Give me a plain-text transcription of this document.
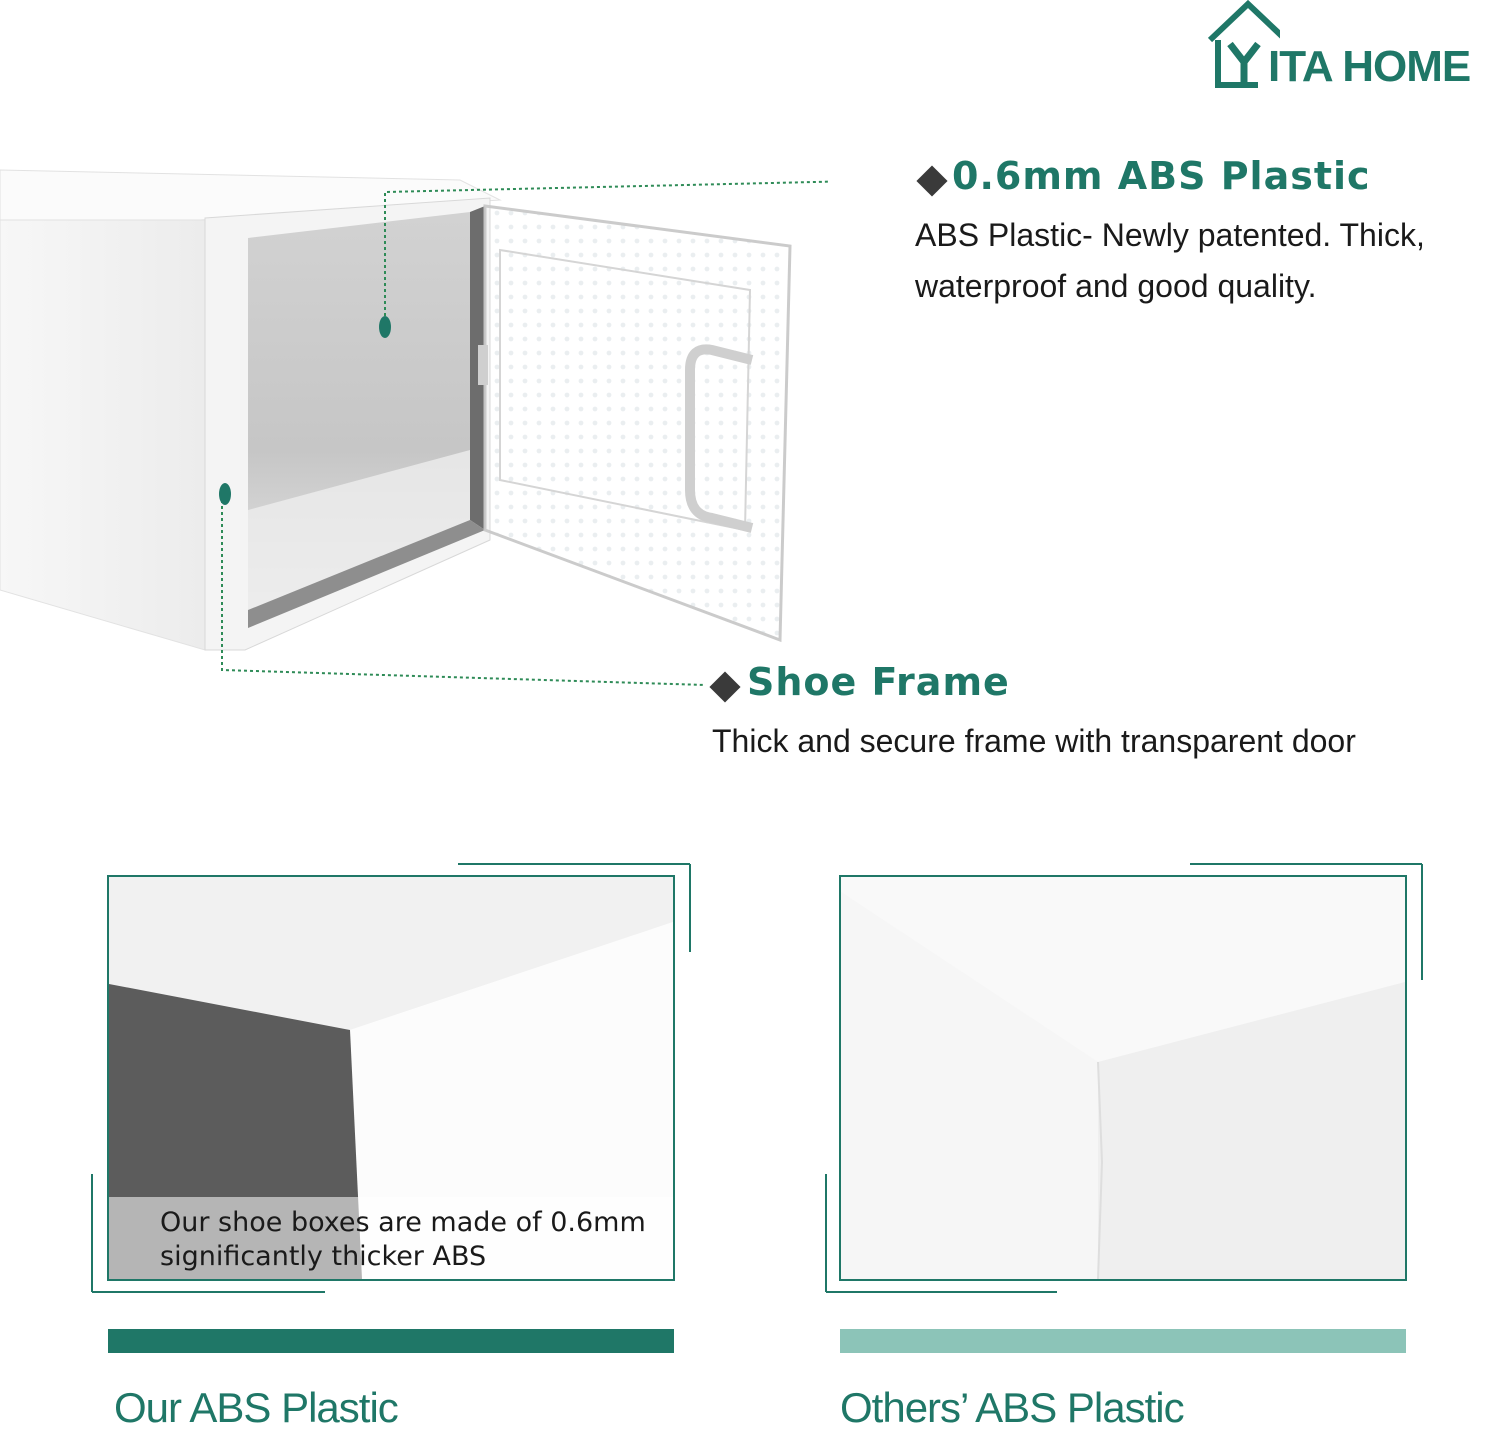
ITA HOME
0.6mm ABS Plastic
ABS Plastic- Newly patented. Thick,
waterproof and good quality.
Shoe Frame
Thick and secure frame with transparent door
Our shoe boxes are made of 0.6mm
significantly thicker ABS
Our ABS Plastic	Others’ ABS Plastic
